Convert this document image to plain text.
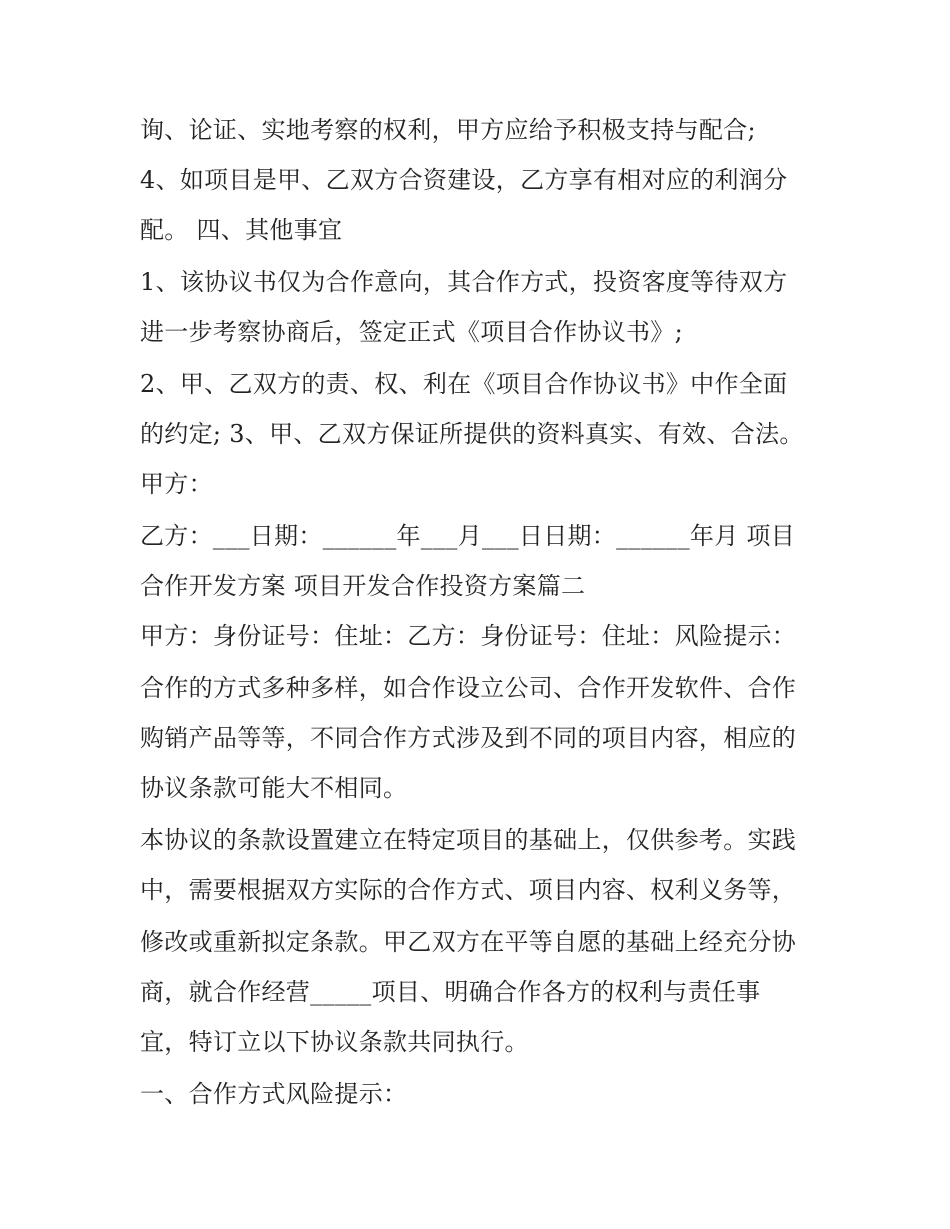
询、论证、实地考察的权利，甲方应给予积极支持与配合;
4、如项目是甲、乙双方合资建设，乙方享有相对应的利润分
配。 四、其他事宜
1、该协议书仅为合作意向，其合作方式，投资客度等待双方
进一步考察协商后，签定正式《项目合作协议书》;
2、甲、乙双方的责、权、利在《项目合作协议书》中作全面
的约定; 3、甲、乙双方保证所提供的资料真实、有效、合法。
甲方：
乙方：___日期：______年___月___日日期：______年月 项目
合作开发方案 项目开发合作投资方案篇二
甲方：身份证号：住址：乙方：身份证号：住址：风险提示：
合作的方式多种多样，如合作设立公司、合作开发软件、合作
购销产品等等，不同合作方式涉及到不同的项目内容，相应的
协议条款可能大不相同。
本协议的条款设置建立在特定项目的基础上，仅供参考。实践
中，需要根据双方实际的合作方式、项目内容、权利义务等，
修改或重新拟定条款。甲乙双方在平等自愿的基础上经充分协
商，就合作经营_____项目、明确合作各方的权利与责任事
宜，特订立以下协议条款共同执行。
一、合作方式风险提示：
